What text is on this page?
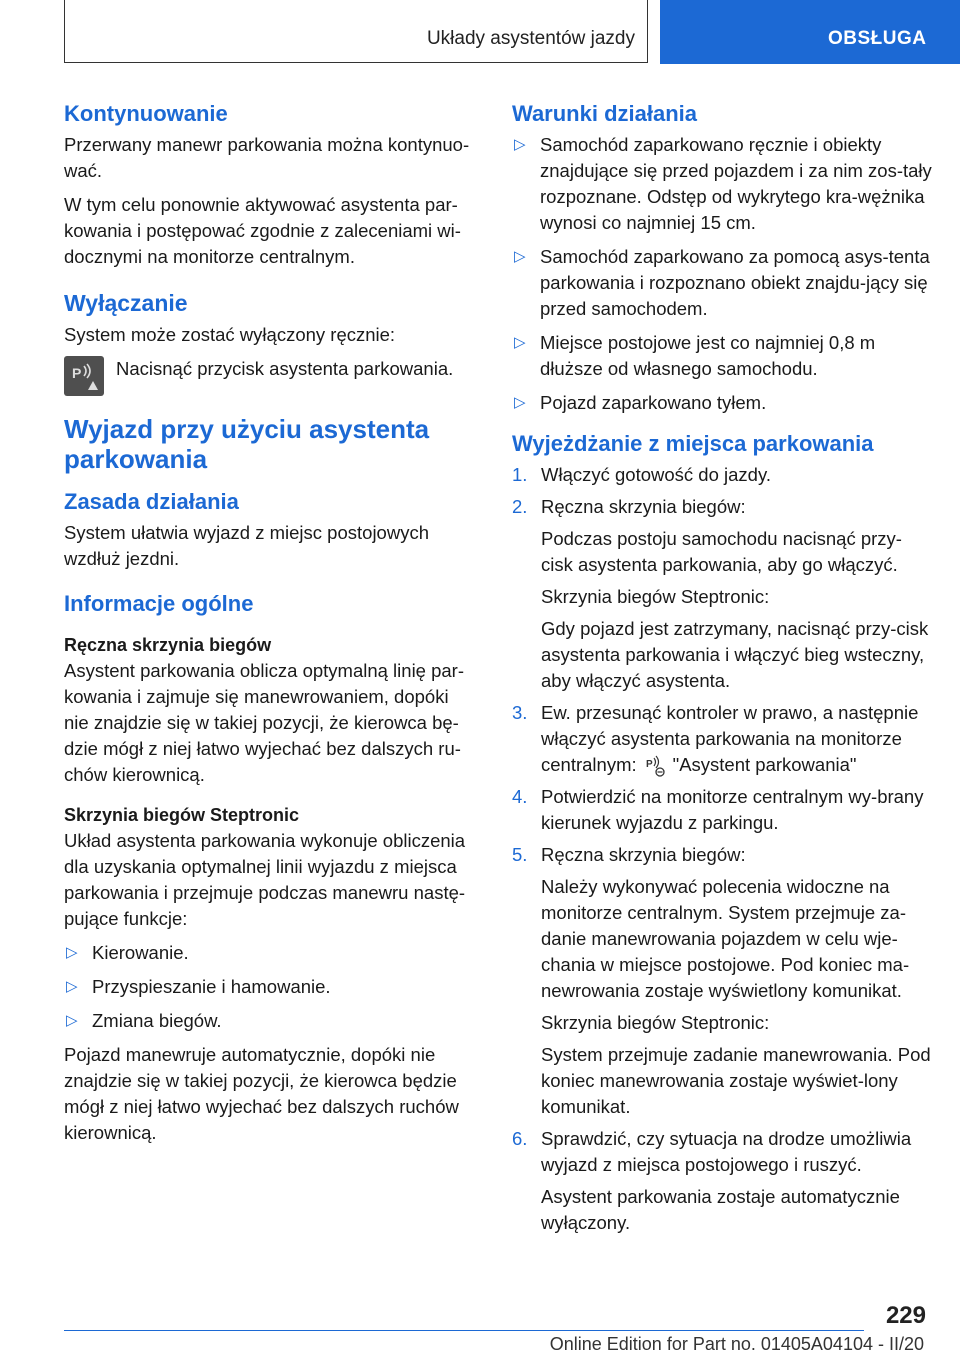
Układy asystentów jazdy	OBSŁUGA
Kontynuowanie

Przerwany manewr parkowania można kontynuo-wać.

W tym celu ponownie aktywować asystenta par-kowania i postępować zgodnie z zaleceniami wi-docznymi na monitorze centralnym.

Wyłączanie

System może zostać wyłączony ręcznie:

P Nacisnąć przycisk asystenta parkowania.

Wyjazd przy użyciu asystenta parkowania
Zasada działania

System ułatwia wyjazd z miejsc postojowych wzdłuż jezdni.

Informacje ogólne
Ręczna skrzynia biegów

Asystent parkowania oblicza optymalną linię par-kowania i zajmuje się manewrowaniem, dopóki nie znajdzie się w takiej pozycji, że kierowca bę-dzie mógł z niej łatwo wyjechać bez dalszych ru-chów kierownicą.

Skrzynia biegów Steptronic

Układ asystenta parkowania wykonuje obliczenia dla uzyskania optymalnej linii wyjazdu z miejsca parkowania i przejmuje podczas manewru nastę-pujące funkcje:

▷ Kierowanie.
▷ Przyspieszanie i hamowanie.
▷ Zmiana biegów.

Pojazd manewruje automatycznie, dopóki nie znajdzie się w takiej pozycji, że kierowca będzie mógł z niej łatwo wyjechać bez dalszych ruchów kierownicą.

Warunki działania
▷ Samochód zaparkowano ręcznie i obiekty znajdujące się przed pojazdem i za nim zos-tały rozpoznane. Odstęp od wykrytego kra-wężnika wynosi co najmniej 15 cm.
▷ Samochód zaparkowano za pomocą asys-tenta parkowania i rozpoznano obiekt znajdu-jący się przed samochodem.
▷ Miejsce postojowe jest co najmniej 0,8 m dłuższe od własnego samochodu.
▷ Pojazd zaparkowano tyłem.
Wyjeżdżanie z miejsca parkowania
1. Włączyć gotowość do jazdy.

2. Ręczna skrzynia biegów:

Podczas postoju samochodu nacisnąć przy-cisk asystenta parkowania, aby go włączyć.

Skrzynia biegów Steptronic:

Gdy pojazd jest zatrzymany, nacisnąć przy-cisk asystenta parkowania i włączyć bieg wsteczny, aby włączyć asystenta.

3. Ew. przesunąć kontroler w prawo, a następnie włączyć asystenta parkowania na monitorze centralnym: P "Asystent parkowania"

4. Potwierdzić na monitorze centralnym wy-brany kierunek wyjazdu z parkingu.

5. Ręczna skrzynia biegów:

Należy wykonywać polecenia widoczne na monitorze centralnym. System przejmuje za-danie manewrowania pojazdem w celu wje-chania w miejsce postojowe. Pod koniec ma-newrowania zostaje wyświetlony komunikat.

Skrzynia biegów Steptronic:

System przejmuje zadanie manewrowania. Pod koniec manewrowania zostaje wyświet-lony komunikat.

6. Sprawdzić, czy sytuacja na drodze umożliwia wyjazd z miejsca postojowego i ruszyć.

Asystent parkowania zostaje automatycznie wyłączony.

229
Online Edition for Part no. 01405A04104 - II/20
